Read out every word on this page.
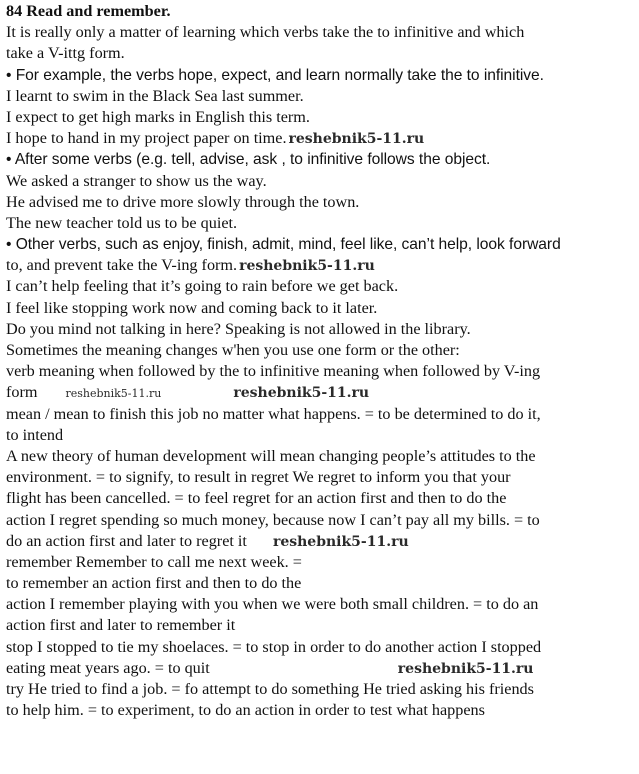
84 Read and remember.
It is really only a matter of learning which verbs take the to infinitive and which
take a V-ittg form.
• For example, the verbs hope, expect, and learn normally take the to infinitive.
I learnt to swim in the Black Sea last summer.
I expect to get high marks in English this term.
I hope to hand in my project paper on time. reshebnik5-11.ru
• After some verbs (e.g. tell, advise, ask , to infinitive follows the object.
We asked a stranger to show us the way.
He advised me to drive more slowly through the town.
The new teacher told us to be quiet.
• Other verbs, such as enjoy, finish, admit, mind, feel like, can’t help, look forward
to, and prevent take the V-ing form. reshebnik5-11.ru
I can’t help feeling that it’s going to rain before we get back.
I feel like stopping work now and coming back to it later.
Do you mind not talking in here? Speaking is not allowed in the library.
Sometimes the meaning changes w'hen you use one form or the other:
verb meaning when followed by the to infinitive meaning when followed by V-ing
form	reshebnik5-11.ru	reshebnik5-11.ru
mean / mean to finish this job no matter what happens. = to be determined to do it,
to intend
A new theory of human development will mean changing people’s attitudes to the
environment. = to signify, to result in regret We regret to inform you that your
flight has been cancelled. = to feel regret for an action first and then to do the
action I regret spending so much money, because now I can’t pay all my bills. = to
do an action first and later to regret it reshebnik5-11.ru
remember Remember to call me next week. =
to remember an action first and then to do the
action I remember playing with you when we were both small children. = to do an
action first and later to remember it
stop I stopped to tie my shoelaces. = to stop in order to do another action I stopped
eating meat years ago. = to quit	reshebnik5-11.ru
try He tried to find a job. = fo attempt to do something He tried asking his friends
to help him. = to experiment, to do an action in order to test what happens
